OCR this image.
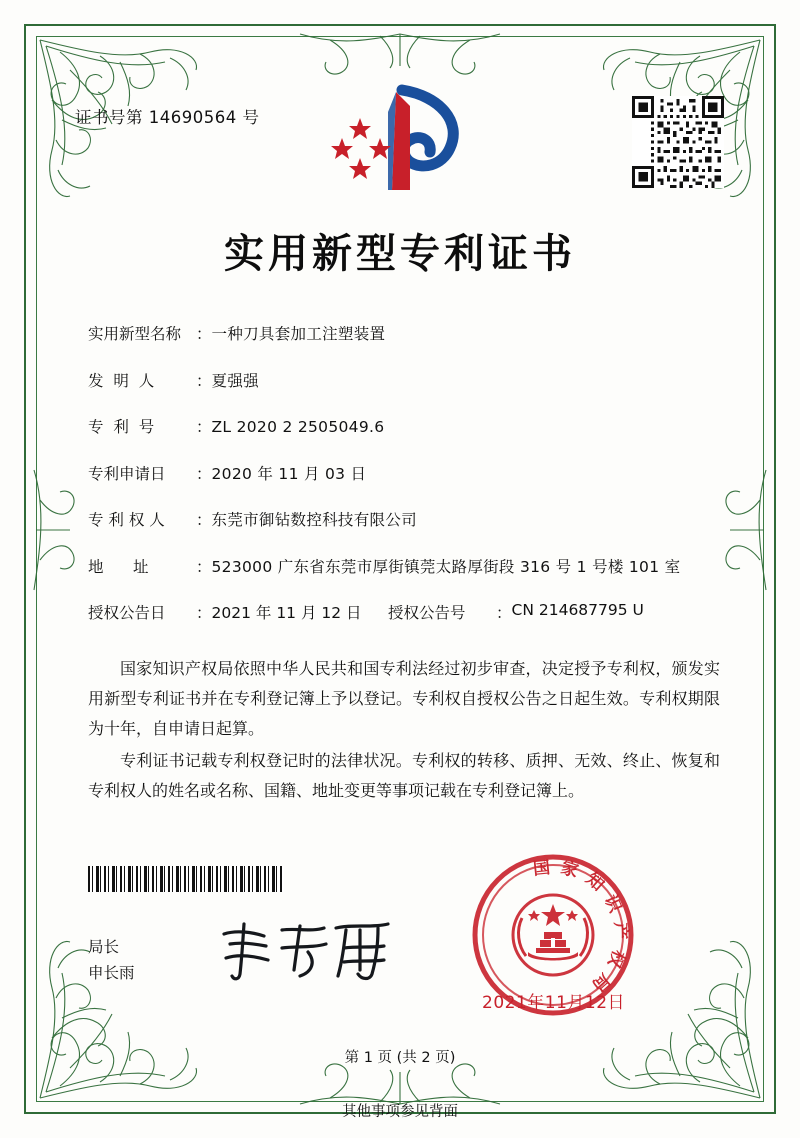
证书号第 14690564 号
实用新型专利证书
实用新型名称 ： 一种刀具套加工注塑装置
发  明  人	： 夏强强
专  利  号	： ZL 2020 2 2505049.6
专利申请日	： 2020 年 11 月 03 日
专 利 权 人	： 东莞市御钻数控科技有限公司
地      址	： 523000 广东省东莞市厚街镇莞太路厚街段 316 号 1 号楼 101 室
授权公告日	： 2021 年 11 月 12 日	授权公告号	： CN 214687795 U

国家知识产权局依照中华人民共和国专利法经过初步审查，决定授予专利权，颁发实用新型专利证书并在专利登记簿上予以登记。专利权自授权公告之日起生效。专利权期限为十年，自申请日起算。

专利证书记载专利权登记时的法律状况。专利权的转移、质押、无效、终止、恢复和专利权人的姓名或名称、国籍、地址变更等事项记载在专利登记簿上。

局长
申长雨
国家知识产权局
2021年11月12日
第 1 页 (共 2 页)
其他事项参见背面
